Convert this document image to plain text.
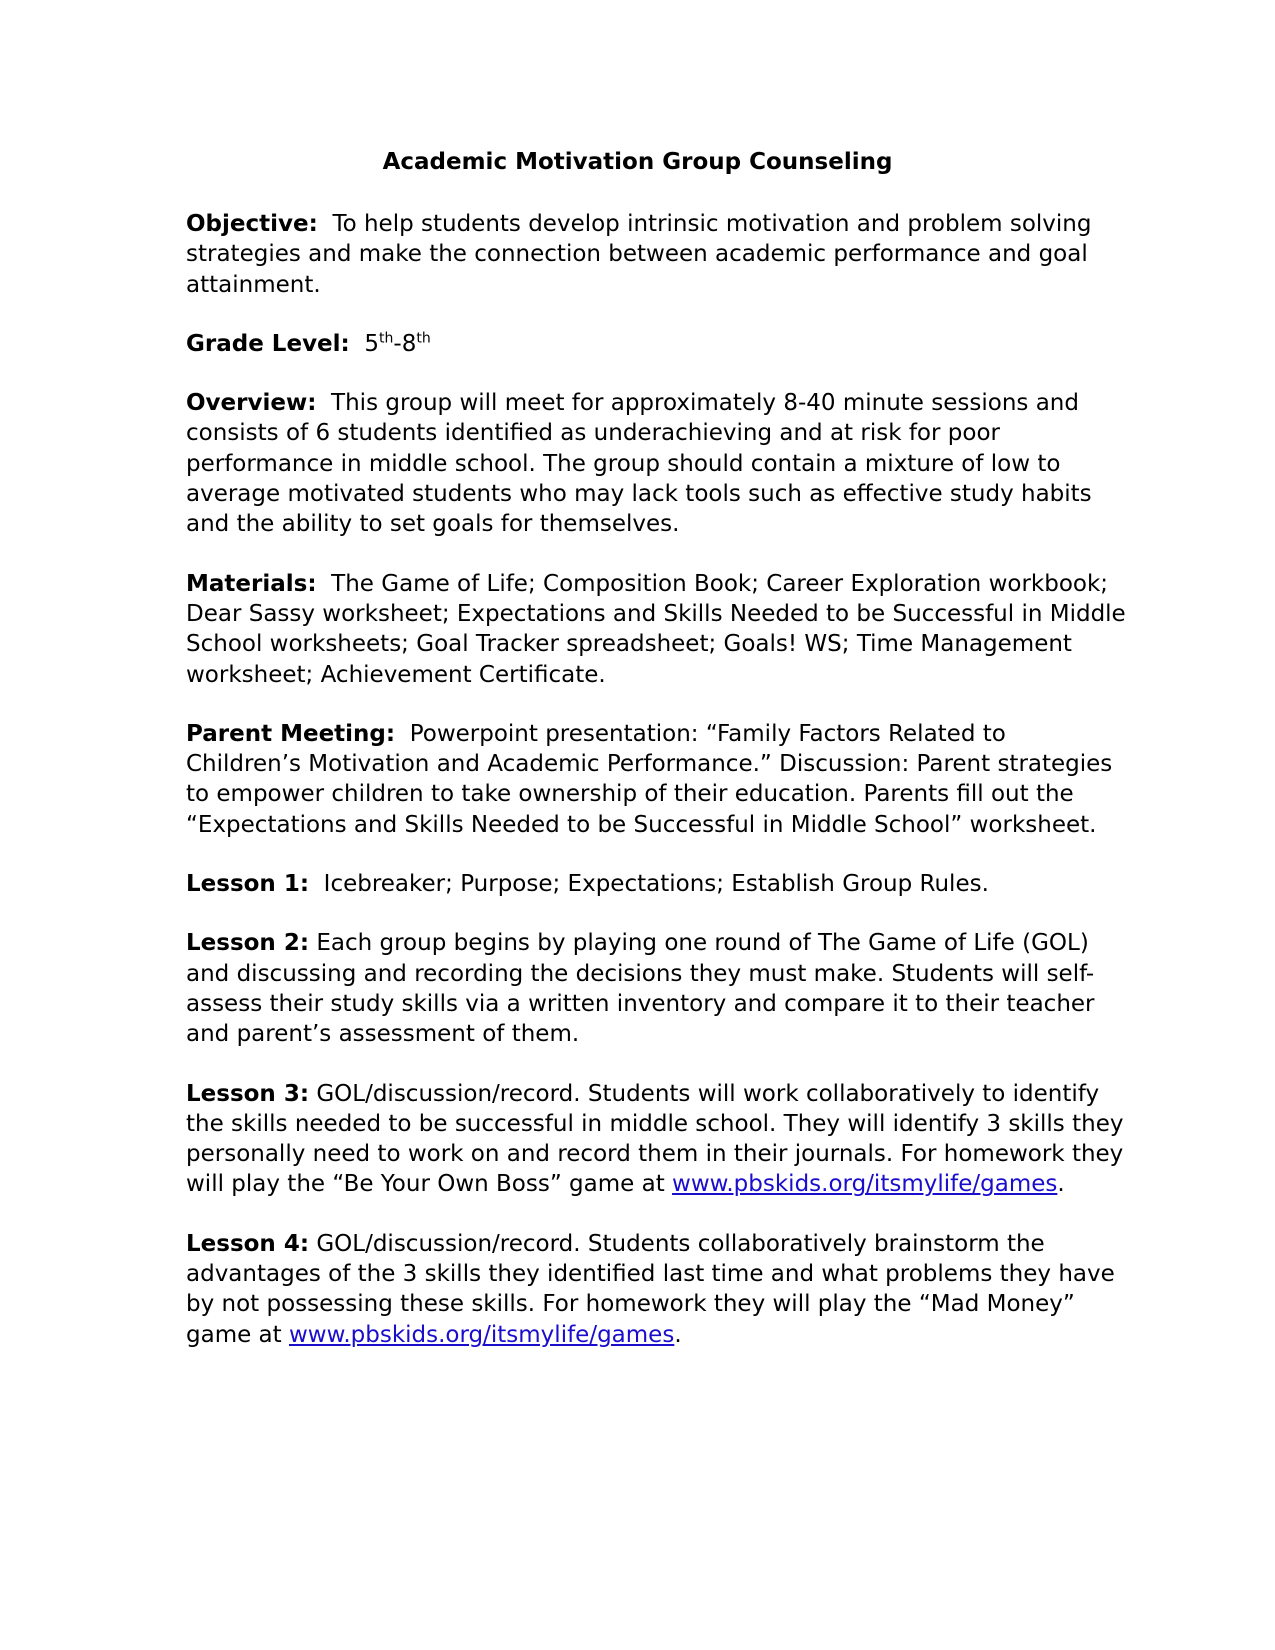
Academic Motivation Group Counseling

Objective: To help students develop intrinsic motivation and problem solving strategies and make the connection between academic performance and goal attainment.

Grade Level: 5th-8th

Overview: This group will meet for approximately 8-40 minute sessions and consists of 6 students identified as underachieving and at risk for poor performance in middle school. The group should contain a mixture of low to average motivated students who may lack tools such as effective study habits and the ability to set goals for themselves.

Materials: The Game of Life; Composition Book; Career Exploration workbook; Dear Sassy worksheet; Expectations and Skills Needed to be Successful in Middle School worksheets; Goal Tracker spreadsheet; Goals! WS; Time Management worksheet; Achievement Certificate.

Parent Meeting: Powerpoint presentation: “Family Factors Related to Children’s Motivation and Academic Performance.” Discussion: Parent strategies to empower children to take ownership of their education. Parents fill out the “Expectations and Skills Needed to be Successful in Middle School” worksheet.

Lesson 1: Icebreaker; Purpose; Expectations; Establish Group Rules.

Lesson 2: Each group begins by playing one round of The Game of Life (GOL) and discussing and recording the decisions they must make. Students will self-assess their study skills via a written inventory and compare it to their teacher and parent’s assessment of them.

Lesson 3: GOL/discussion/record. Students will work collaboratively to identify the skills needed to be successful in middle school. They will identify 3 skills they personally need to work on and record them in their journals. For homework they will play the “Be Your Own Boss” game at www.pbskids.org/itsmylife/games.

Lesson 4: GOL/discussion/record. Students collaboratively brainstorm the advantages of the 3 skills they identified last time and what problems they have by not possessing these skills. For homework they will play the “Mad Money” game at www.pbskids.org/itsmylife/games.
